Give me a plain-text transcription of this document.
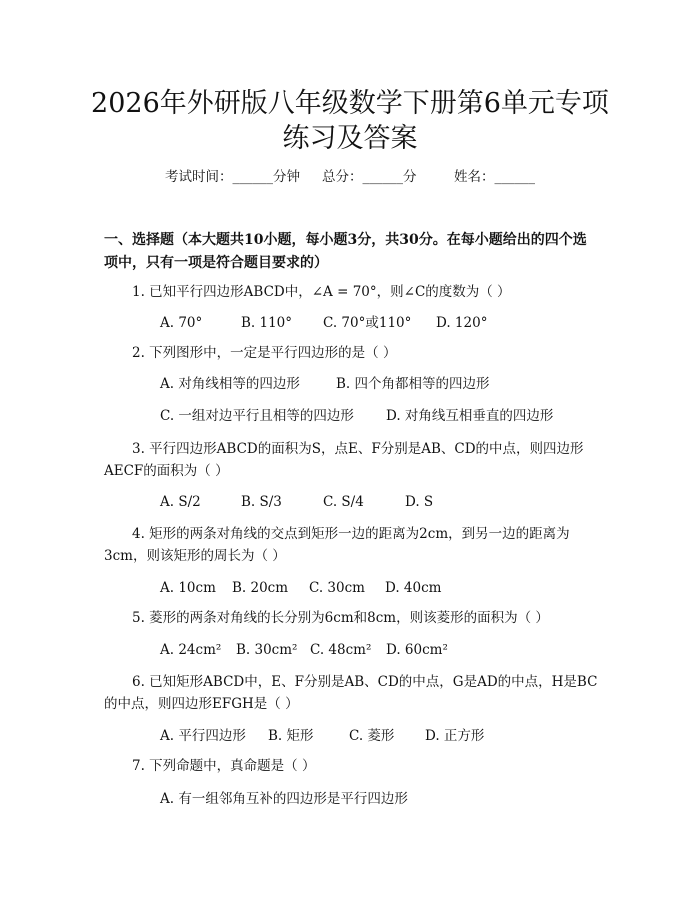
2026年外研版八年级数学下册第6单元专项
练习及答案
考试时间：______分钟 总分：______分	姓名：______
一、选择题（本大题共10小题，每小题3分，共30分。在每小题给出的四个选
项中，只有一项是符合题目要求的）
1. 已知平行四边形ABCD中，∠A = 70°，则∠C的度数为（ ）
A. 70°	B. 110° C. 70°或110° D. 120°
2. 下列图形中，一定是平行四边形的是（ ）
A. 对角线相等的四边形	B. 四个角都相等的四边形
C. 一组对边平行且相等的四边形 D. 对角线互相垂直的四边形
3. 平行四边形ABCD的面积为S，点E、F分别是AB、CD的中点，则四边形
AECF的面积为（ ）
A. S/2	B. S/3	C. S/4	D. S
4. 矩形的两条对角线的交点到矩形一边的距离为2cm，到另一边的距离为
3cm，则该矩形的周长为（ ）
A. 10cm B. 20cm C. 30cm D. 40cm
5. 菱形的两条对角线的长分别为6cm和8cm，则该菱形的面积为（ ）
A. 24cm² B. 30cm² C. 48cm² D. 60cm²
6. 已知矩形ABCD中，E、F分别是AB、CD的中点，G是AD的中点，H是BC
的中点，则四边形EFGH是（ ）
A. 平行四边形 B. 矩形	C. 菱形 D. 正方形
7. 下列命题中，真命题是（ ）
A. 有一组邻角互补的四边形是平行四边形
